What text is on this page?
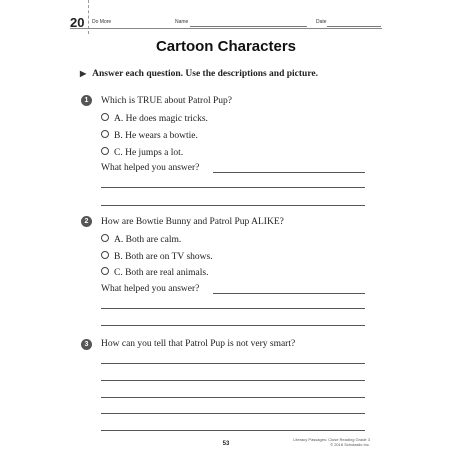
20 Do More	Name	Date
Cartoon Characters
▶ Answer each question. Use the descriptions and picture.
1	Which is TRUE about Patrol Pup?
A. He does magic tricks.
B. He wears a bowtie.
C. He jumps a lot.
What helped you answer?
2	How are Bowtie Bunny and Patrol Pup ALIKE?
A. Both are calm.
B. Both are on TV shows.
C. Both are real animals.
What helped you answer?
3	How can you tell that Patrol Pup is not very smart?
53
Literacy Passages: Close Reading Grade 3
© 2018 Scholastic Inc.
